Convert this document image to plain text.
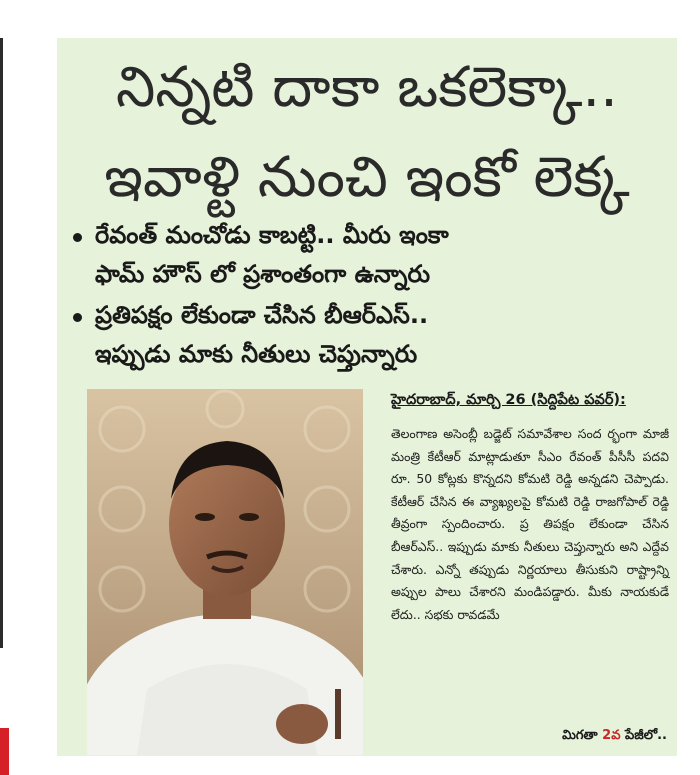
నిన్నటి దాకా ఒకలెక్కా..
ఇవాళ్టి నుంచి ఇంకో లెక్క
రేవంత్ మంచోడు కాబట్టి.. మీరు ఇంకా
ఫామ్ హౌస్ లో ప్రశాంతంగా ఉన్నారు
ప్రతిపక్షం లేకుండా చేసిన బీఆర్ఎస్..
ఇప్పుడు మాకు నీతులు చెప్తున్నారు
హైదరాబాద్, మార్చి 26 (సిద్దిపేట పవర్):
తెలంగాణ అసెంబ్లీ బడ్జెట్ సమావేశాల సంద ర్భంగా మాజీ మంత్రి కేటీఆర్ మాట్లాడుతూ సీఎం రేవంత్ పీసీసీ పదవి రూ. 50 కోట్లకు కొన్నదని కోమటి రెడ్డి అన్నడని చెప్పాడు. కేటీఆర్ చేసిన ఈ వ్యాఖ్యలపై కోమటి రెడ్డి రాజగోపాల్ రెడ్డి తీవ్రంగా స్పందించారు. ప్ర తిపక్షం లేకుండా చేసిన బీఆర్ఎస్.. ఇప్పుడు మాకు నీతులు చెప్తున్నారు అని ఎద్దేవ చేశారు. ఎన్నో తప్పుడు నిర్ణయాలు తీసుకుని రాష్ట్రాన్ని అప్పుల పాలు చేశారని మండిపడ్డారు. మీకు నాయకుడే లేదు.. సభకు రావడమే
మిగతా 2వ పేజీలో..
